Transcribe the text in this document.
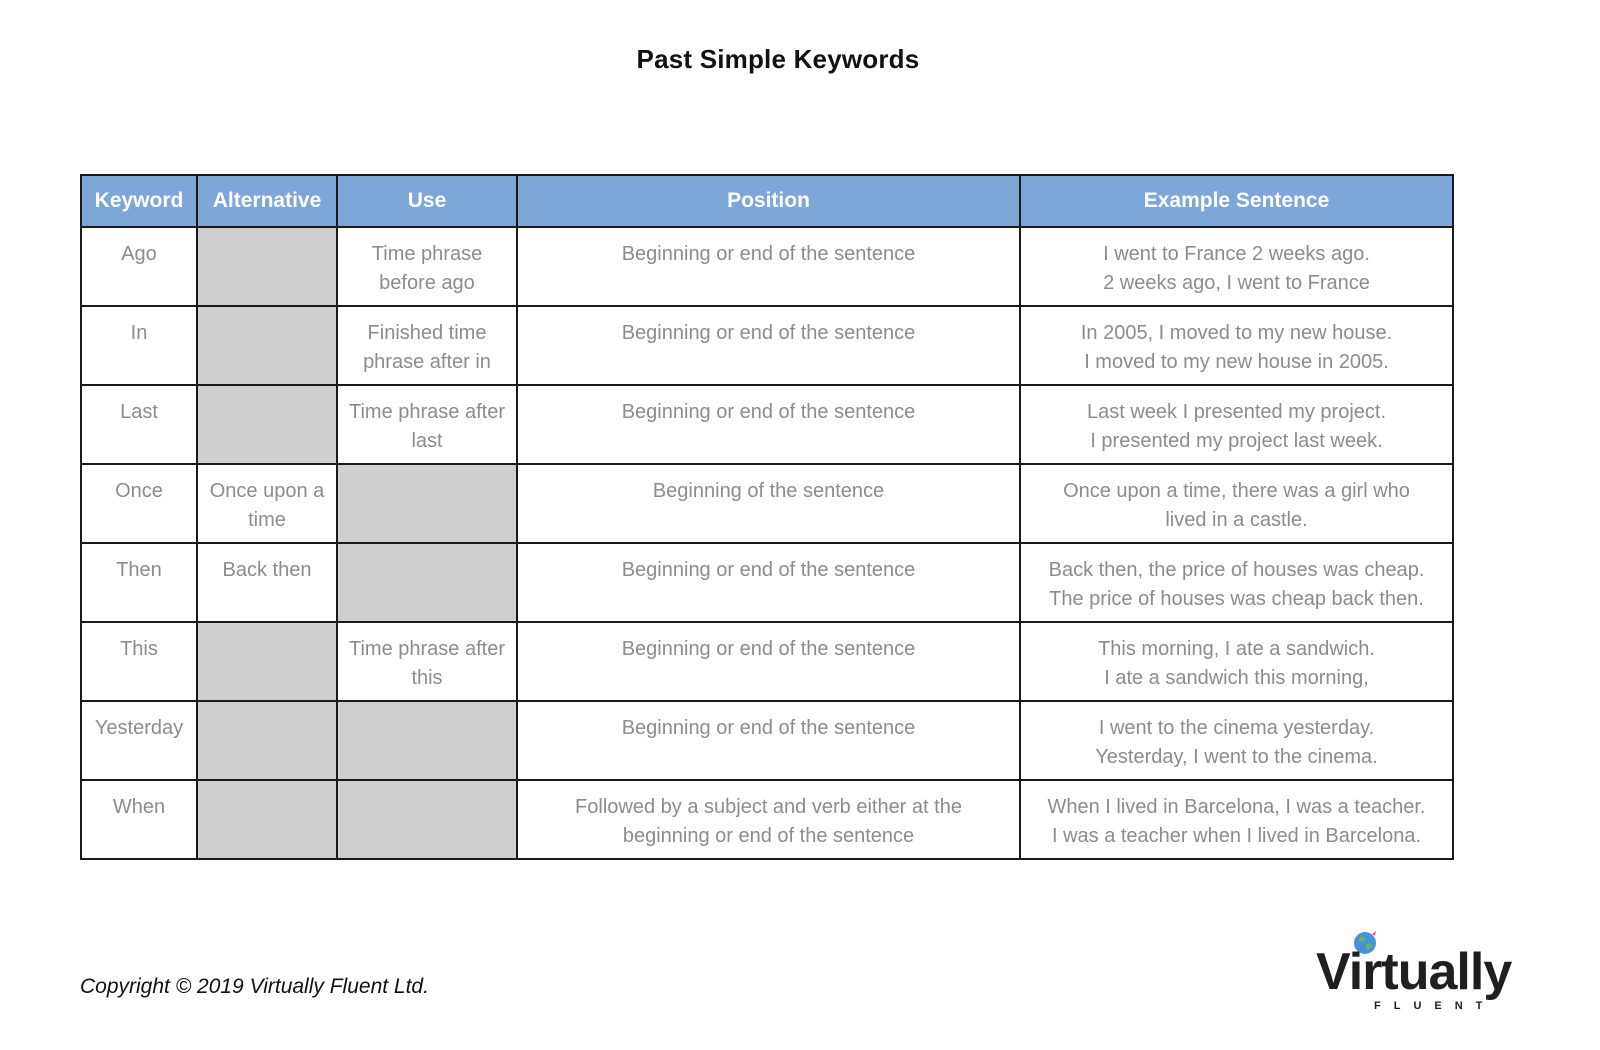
Past Simple Keywords
Keyword	Alternative	Use	Position	Example Sentence
Ago		Time phrase
before ago	Beginning or end of the sentence	I went to France 2 weeks ago.
2 weeks ago, I went to France

In		Finished time
phrase after in	Beginning or end of the sentence	In 2005, I moved to my new house.
I moved to my new house in 2005.

Last		Time phrase after
last	Beginning or end of the sentence	Last week I presented my project.
I presented my project last week.

Once	Once upon a
time		Beginning of the sentence	Once upon a time, there was a girl who
lived in a castle.

Then	Back then		Beginning or end of the sentence	Back then, the price of houses was cheap.
The price of houses was cheap back then.

This		Time phrase after
this	Beginning or end of the sentence	This morning, I ate a sandwich.
I ate a sandwich this morning,

Yesterday			Beginning or end of the sentence	I went to the cinema yesterday.
Yesterday, I went to the cinema.

When			Followed by a subject and verb either at the
beginning or end of the sentence	When I lived in Barcelona, I was a teacher.
I was a teacher when I lived in Barcelona.
Copyright © 2019 Virtually Fluent Ltd.	Virtually
FLUENT
